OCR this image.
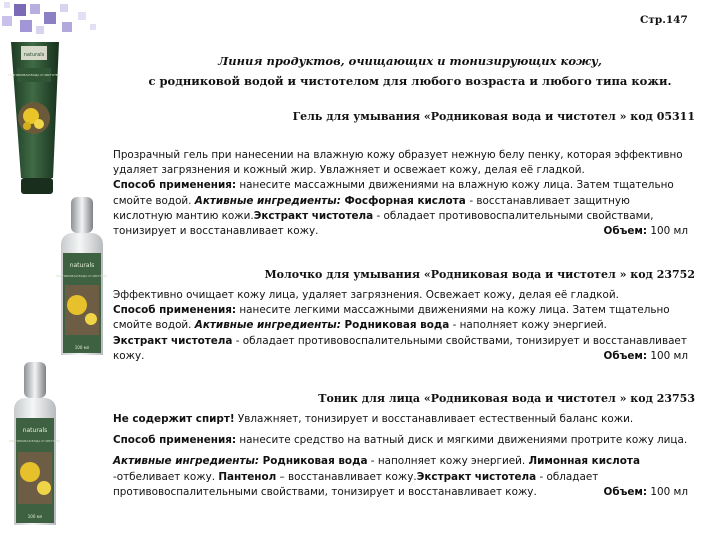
Стр.147
Линия продуктов, очищающих и тонизирующих кожу,
с родниковой водой и чистотелом для любого возраста и любого типа кожи.
naturals
РОДНИКОВАЯ ВОДА И ЧИСТОТЕЛ
naturals
РОДНИКОВАЯ ВОДА И ЧИСТОТЕЛ
100 мл
naturals
РОДНИКОВАЯ ВОДА И ЧИСТОТЕЛ
100 мл
Гель для умывания «Родниковая вода и чистотел » код 05311

Прозрачный гель при нанесении на влажную кожу образует нежную белу пенку, которая эффективно удаляет загрязнения и кожный жир. Увлажняет и освежает кожу, делая её гладкой.

Способ применения: нанесите массажными движениями на влажную кожу лица. Затем тщательно смойте водой. Активные ингредиенты: Фосфорная кислота - восстанавливает защитную кислотную мантию кожи.Экстракт чистотела - обладает противовоспалительными свойствами, тонизирует и восстанавливает кожу.	Объем: 100 мл

Молочко для умывания «Родниковая вода и чистотел » код 23752

Эффективно очищает кожу лица, удаляет загрязнения. Освежает кожу, делая её гладкой.

Способ применения: нанесите легкими массажными движениями на кожу лица. Затем тщательно смойте водой. Активные ингредиенты: Родниковая вода - наполняет кожу энергией.

Экстракт чистотела - обладает противовоспалительными свойствами, тонизирует и восстанавливает кожу.	Объем: 100 мл

Тоник для лица «Родниковая вода и чистотел » код 23753

Не содержит спирт! Увлажняет, тонизирует и восстанавливает естественный баланс кожи.

Способ применения: нанесите средство на ватный диск и мягкими движениями протрите кожу лица.

Активные ингредиенты: Родниковая вода - наполняет кожу энергией. Лимонная кислота -отбеливает кожу. Пантенол – восстанавливает кожу.Экстракт чистотела - обладает противовоспалительными свойствами, тонизирует и восстанавливает кожу.	Объем: 100 мл
